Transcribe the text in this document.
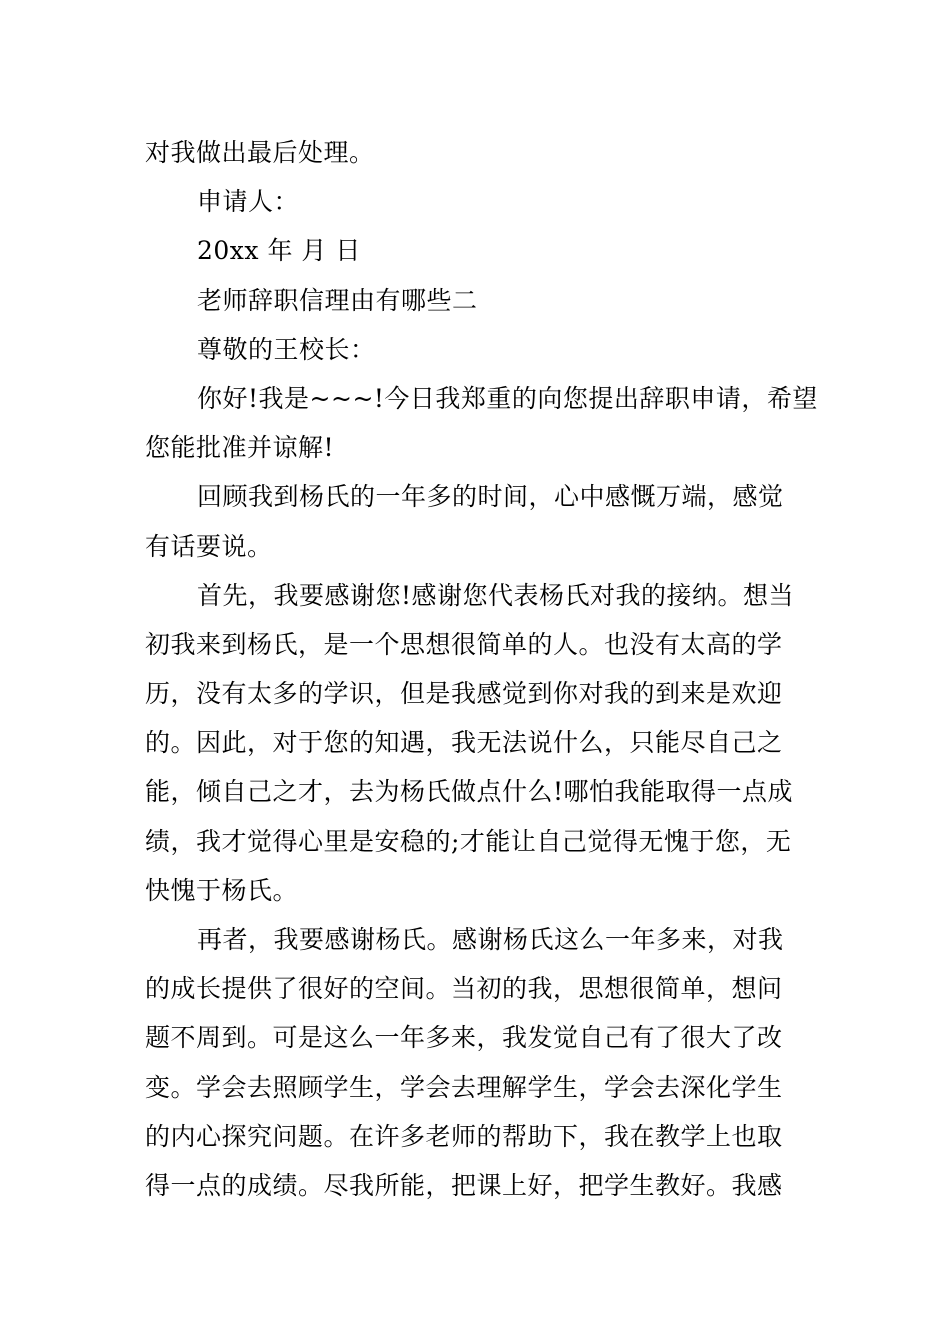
对我做出最后处理。
申请人：
20xx 年 月 日
老师辞职信理由有哪些二
尊敬的王校长：
你好!我是~~~!今日我郑重的向您提出辞职申请，希望
您能批准并谅解!
回顾我到杨氏的一年多的时间，心中感慨万端，感觉
有话要说。
首先，我要感谢您!感谢您代表杨氏对我的接纳。想当
初我来到杨氏，是一个思想很简单的人。也没有太高的学
历，没有太多的学识，但是我感觉到你对我的到来是欢迎
的。因此，对于您的知遇，我无法说什么，只能尽自己之
能，倾自己之才，去为杨氏做点什么!哪怕我能取得一点成
绩，我才觉得心里是安稳的;才能让自己觉得无愧于您，无
快愧于杨氏。
再者，我要感谢杨氏。感谢杨氏这么一年多来，对我
的成长提供了很好的空间。当初的我，思想很简单，想问
题不周到。可是这么一年多来，我发觉自己有了很大了改
变。学会去照顾学生，学会去理解学生，学会去深化学生
的内心探究问题。在许多老师的帮助下，我在教学上也取
得一点的成绩。尽我所能，把课上好，把学生教好。我感
